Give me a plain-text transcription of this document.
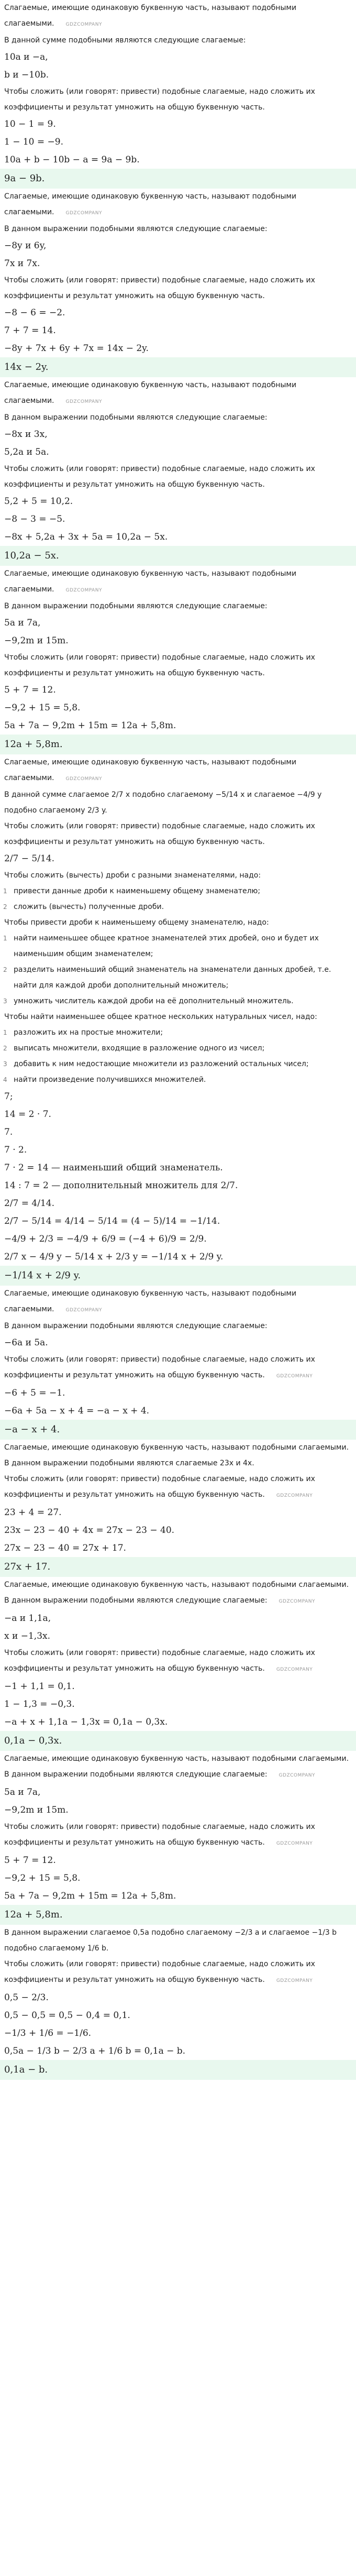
Слагаемые, имеющие одинаковую буквенную часть, называют подобными слагаемыми. GDZCOMPANY
В данной сумме подобными являются следующие слагаемые:
10a и −a,
b и −10b.
Чтобы сложить (или говорят: привести) подобные слагаемые, надо сложить их коэффициенты и результат умножить на общую буквенную часть.
10 − 1 = 9.
1 − 10 = −9.
10a + b − 10b − a = 9a − 9b.
9a − 9b.
Слагаемые, имеющие одинаковую буквенную часть, называют подобными слагаемыми. GDZCOMPANY
В данном выражении подобными являются следующие слагаемые:
−8y и 6y,
7x и 7x.
Чтобы сложить (или говорят: привести) подобные слагаемые, надо сложить их коэффициенты и результат умножить на общую буквенную часть.
−8 − 6 = −2.
7 + 7 = 14.
−8y + 7x + 6y + 7x = 14x − 2y.
14x − 2y.
Слагаемые, имеющие одинаковую буквенную часть, называют подобными слагаемыми. GDZCOMPANY
В данном выражении подобными являются следующие слагаемые:
−8x и 3x,
5,2a и 5a.
Чтобы сложить (или говорят: привести) подобные слагаемые, надо сложить их коэффициенты и результат умножить на общую буквенную часть.
5,2 + 5 = 10,2.
−8 − 3 = −5.
−8x + 5,2a + 3x + 5a = 10,2a − 5x.
10,2a − 5x.
Слагаемые, имеющие одинаковую буквенную часть, называют подобными слагаемыми. GDZCOMPANY
В данном выражении подобными являются следующие слагаемые:
5a и 7a,
−9,2m и 15m.
Чтобы сложить (или говорят: привести) подобные слагаемые, надо сложить их коэффициенты и результат умножить на общую буквенную часть.
5 + 7 = 12.
−9,2 + 15 = 5,8.
5a + 7a − 9,2m + 15m = 12a + 5,8m.
12a + 5,8m.
Слагаемые, имеющие одинаковую буквенную часть, называют подобными слагаемыми. GDZCOMPANY
В данной сумме слагаемое 2/7 x подобно слагаемому −5/14 x и слагаемое −4/9 y подобно слагаемому 2/3 y.
Чтобы сложить (или говорят: привести) подобные слагаемые, надо сложить их коэффициенты и результат умножить на общую буквенную часть.
2/7 − 5/14.
Чтобы сложить (вычесть) дроби с разными знаменателями, надо:
1 привести данные дроби к наименьшему общему знаменателю;
2 сложить (вычесть) полученные дроби.
Чтобы привести дроби к наименьшему общему знаменателю, надо:
1 найти наименьшее общее кратное знаменателей этих дробей, оно и будет их наименьшим общим знаменателем;
2 разделить наименьший общий знаменатель на знаменатели данных дробей, т.е. найти для каждой дроби дополнительный множитель;
3 умножить числитель каждой дроби на её дополнительный множитель.
Чтобы найти наименьшее общее кратное нескольких натуральных чисел, надо:
1 разложить их на простые множители;
2 выписать множители, входящие в разложение одного из чисел;
3 добавить к ним недостающие множители из разложений остальных чисел;
4 найти произведение получившихся множителей.
7;
14 = 2 · 7.
7.
7 · 2.
7 · 2 = 14 — наименьший общий знаменатель.
14 : 7 = 2 — дополнительный множитель для 2/7.
2/7 = 4/14.
2/7 − 5/14 = 4/14 − 5/14 = (4 − 5)/14 = −1/14.
−4/9 + 2/3 = −4/9 + 6/9 = (−4 + 6)/9 = 2/9.
2/7 x − 4/9 y − 5/14 x + 2/3 y = −1/14 x + 2/9 y.
−1/14 x + 2/9 y.
Слагаемые, имеющие одинаковую буквенную часть, называют подобными слагаемыми. GDZCOMPANY
В данном выражении подобными являются следующие слагаемые:
−6a и 5a.
Чтобы сложить (или говорят: привести) подобные слагаемые, надо сложить их коэффициенты и результат умножить на общую буквенную часть. GDZCOMPANY
−6 + 5 = −1.
−6a + 5a − x + 4 = −a − x + 4.
−a − x + 4.
Слагаемые, имеющие одинаковую буквенную часть, называют подобными слагаемыми.
В данном выражении подобными являются слагаемые 23x и 4x.
Чтобы сложить (или говорят: привести) подобные слагаемые, надо сложить их коэффициенты и результат умножить на общую буквенную часть. GDZCOMPANY
23 + 4 = 27.
23x − 23 − 40 + 4x = 27x − 23 − 40.
27x − 23 − 40 = 27x + 17.
27x + 17.
Слагаемые, имеющие одинаковую буквенную часть, называют подобными слагаемыми.
В данном выражении подобными являются следующие слагаемые: GDZCOMPANY
−a и 1,1a,
x и −1,3x.
Чтобы сложить (или говорят: привести) подобные слагаемые, надо сложить их коэффициенты и результат умножить на общую буквенную часть. GDZCOMPANY
−1 + 1,1 = 0,1.
1 − 1,3 = −0,3.
−a + x + 1,1a − 1,3x = 0,1a − 0,3x.
0,1a − 0,3x.
Слагаемые, имеющие одинаковую буквенную часть, называют подобными слагаемыми.
В данном выражении подобными являются следующие слагаемые: GDZCOMPANY
5a и 7a,
−9,2m и 15m.
Чтобы сложить (или говорят: привести) подобные слагаемые, надо сложить их коэффициенты и результат умножить на общую буквенную часть. GDZCOMPANY
5 + 7 = 12.
−9,2 + 15 = 5,8.
5a + 7a − 9,2m + 15m = 12a + 5,8m.
12a + 5,8m.
В данном выражении слагаемое 0,5a подобно слагаемому −2/3 a и слагаемое −1/3 b подобно слагаемому 1/6 b.
Чтобы сложить (или говорят: привести) подобные слагаемые, надо сложить их коэффициенты и результат умножить на общую буквенную часть. GDZCOMPANY
0,5 − 2/3.
0,5 − 0,5 = 0,5 − 0,4 = 0,1.
−1/3 + 1/6 = −1/6.
0,5a − 1/3 b − 2/3 a + 1/6 b = 0,1a − b.
0,1a − b.
